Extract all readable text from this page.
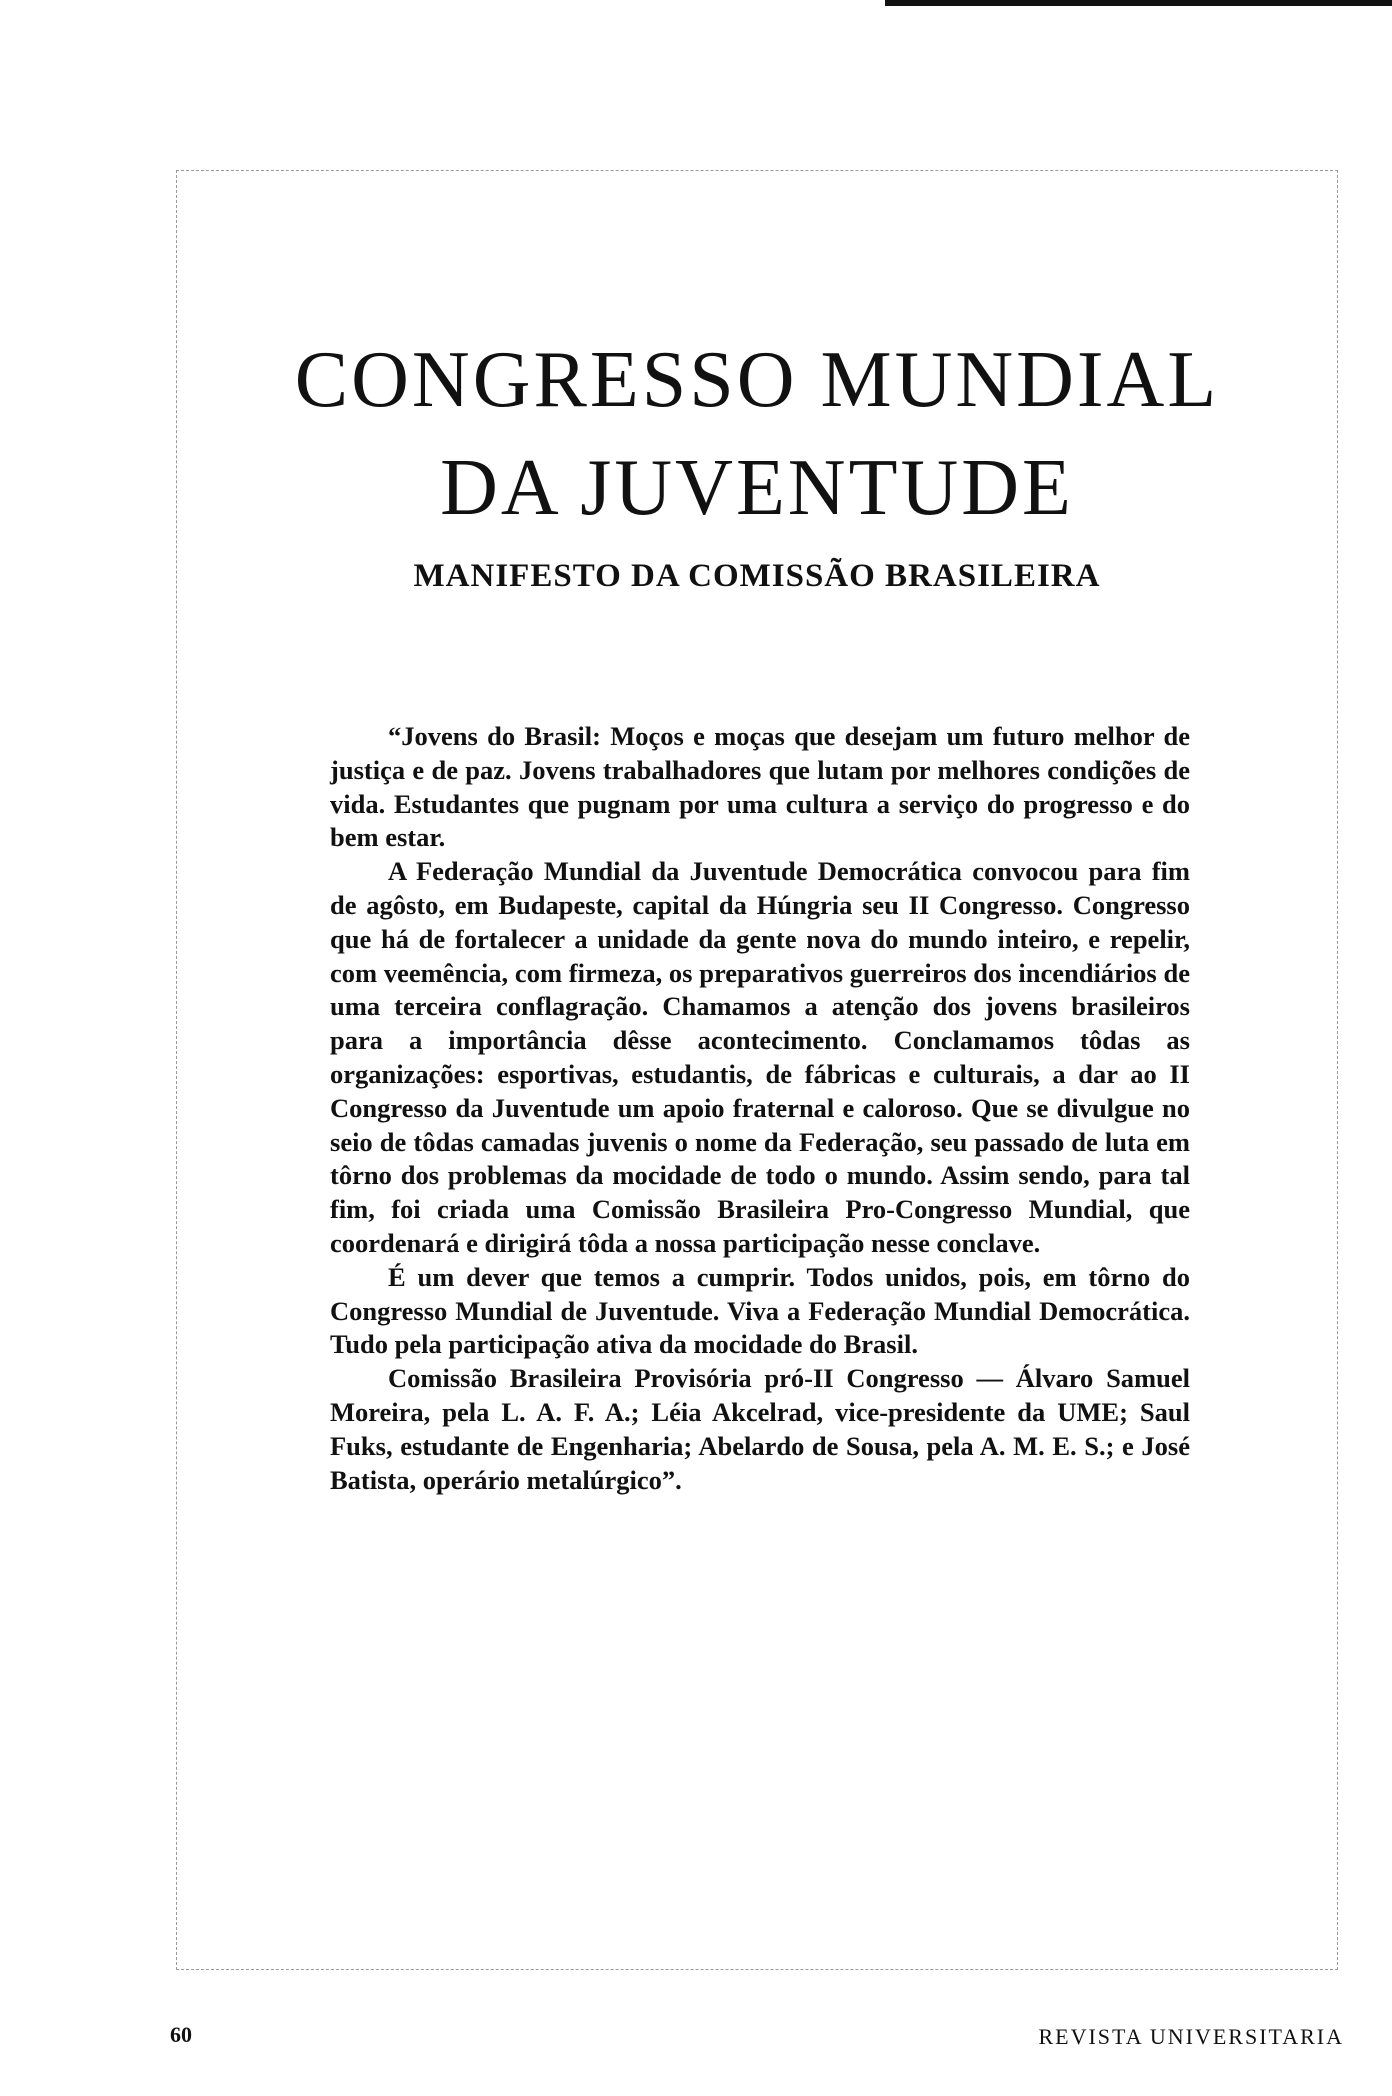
CONGRESSO MUNDIAL
DA JUVENTUDE
MANIFESTO DA COMISSÃO BRASILEIRA

“Jovens do Brasil: Moços e moças que desejam um futuro melhor de justiça e de paz. Jovens trabalhadores que lutam por melhores condições de vida. Estudantes que pugnam por uma cultura a serviço do progresso e do bem estar.

A Federação Mundial da Juventude Democrática convocou para fim de agôsto, em Budapeste, capital da Húngria seu II Congresso. Congresso que há de fortalecer a unidade da gente nova do mundo inteiro, e repelir, com veemência, com firmeza, os preparativos guerreiros dos incendiários de uma terceira conflagração. Chamamos a atenção dos jovens brasileiros para a importância dêsse acontecimento. Conclamamos tôdas as organizações: esportivas, estudantis, de fábricas e culturais, a dar ao II Congresso da Juventude um apoio fraternal e caloroso. Que se divulgue no seio de tôdas camadas juvenis o nome da Federação, seu passado de luta em tôrno dos problemas da mocidade de todo o mundo. Assim sendo, para tal fim, foi criada uma Comissão Brasileira Pro-Congresso Mundial, que coordenará e dirigirá tôda a nossa participação nesse conclave.

É um dever que temos a cumprir. Todos unidos, pois, em tôrno do Congresso Mundial de Juventude. Viva a Federação Mundial Democrática. Tudo pela participação ativa da mocidade do Brasil.

Comissão Brasileira Provisória pró-II Congresso — Álvaro Samuel Moreira, pela L. A. F. A.; Léia Akcelrad, vice-presidente da UME; Saul Fuks, estudante de Engenharia; Abelardo de Sousa, pela A. M. E. S.; e José Batista, operário metalúrgico”.

60	REVISTA UNIVERSITARIA
